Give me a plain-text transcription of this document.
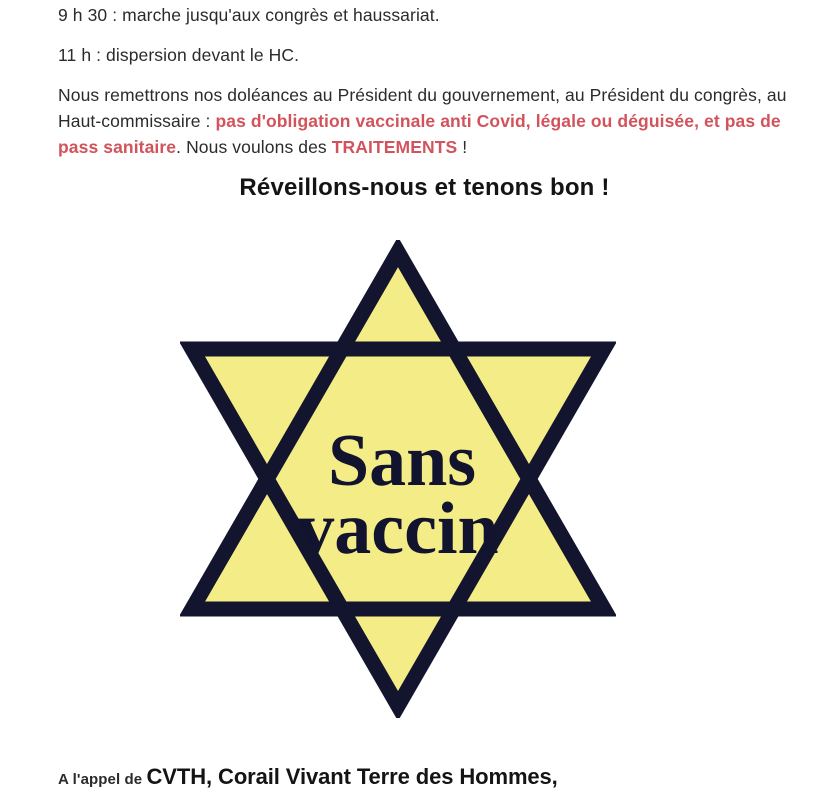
9 h 30 : marche jusqu'aux congrès et haussariat.
11 h : dispersion devant le HC.
Nous remettrons nos doléances au Président du gouvernement, au Président du congrès, au Haut-commissaire : pas d'obligation vaccinale anti Covid, légale ou déguisée, et pas de pass sanitaire. Nous voulons des TRAITEMENTS !
Réveillons-nous et tenons bon !
Sans
vaccin
A l'appel de CVTH, Corail Vivant Terre des Hommes,
